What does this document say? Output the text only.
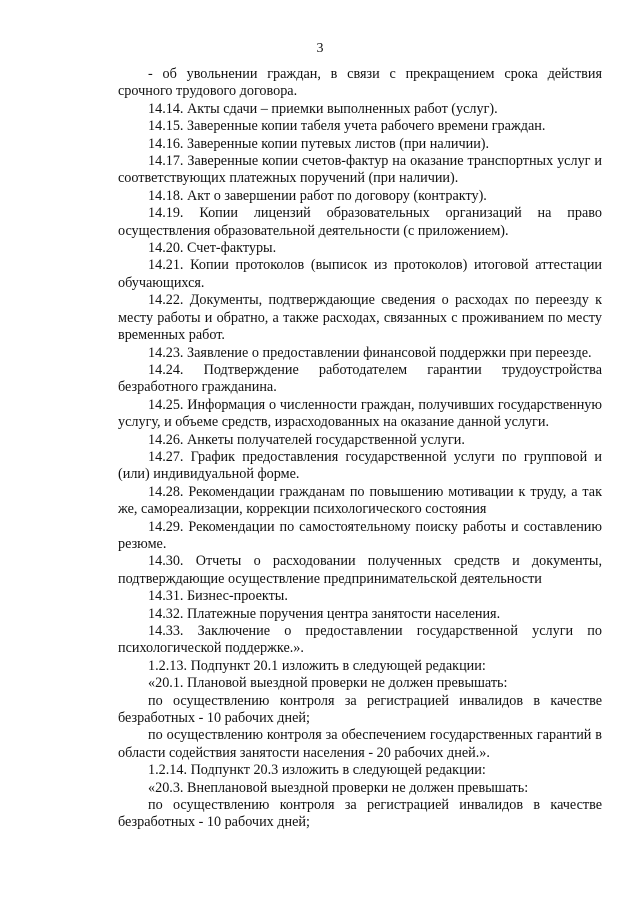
3

- об увольнении граждан, в связи с прекращением срока действия срочного трудового договора.

14.14. Акты сдачи – приемки выполненных работ (услуг).

14.15. Заверенные копии табеля учета рабочего времени граждан.

14.16. Заверенные копии путевых листов (при наличии).

14.17. Заверенные копии счетов-фактур на оказание транспортных услуг и соответствующих платежных поручений (при наличии).

14.18. Акт о завершении работ по договору (контракту).

14.19. Копии лицензий образовательных организаций на право осуществления образовательной деятельности (с приложением).

14.20. Счет-фактуры.

14.21. Копии протоколов (выписок из протоколов) итоговой аттестации обучающихся.

14.22. Документы, подтверждающие сведения о расходах по переезду к месту работы и обратно, а также расходах, связанных с проживанием по месту временных работ.

14.23. Заявление о предоставлении финансовой поддержки при переезде.

14.24. Подтверждение работодателем гарантии трудоустройства безработного гражданина.

14.25. Информация о численности граждан, получивших государственную услугу, и объеме средств, израсходованных на оказание данной услуги.

14.26. Анкеты получателей государственной услуги.

14.27. График предоставления государственной услуги по групповой и (или) индивидуальной форме.

14.28. Рекомендации гражданам по повышению мотивации к труду, а так же, самореализации, коррекции психологического состояния

14.29. Рекомендации по самостоятельному поиску работы и составлению резюме.

14.30. Отчеты о расходовании полученных средств и документы, подтверждающие осуществление предпринимательской деятельности

14.31. Бизнес-проекты.

14.32. Платежные поручения центра занятости населения.

14.33. Заключение о предоставлении государственной услуги по психологической поддержке.».

1.2.13. Подпункт 20.1 изложить в следующей редакции:

«20.1. Плановой выездной проверки не должен превышать:

по осуществлению контроля за регистрацией инвалидов в качестве безработных - 10 рабочих дней;

по осуществлению контроля за обеспечением государственных гарантий в области содействия занятости населения - 20 рабочих дней.».

1.2.14. Подпункт 20.3 изложить в следующей редакции:

«20.3. Внеплановой выездной проверки не должен превышать:

по осуществлению контроля за регистрацией инвалидов в качестве безработных - 10 рабочих дней;
